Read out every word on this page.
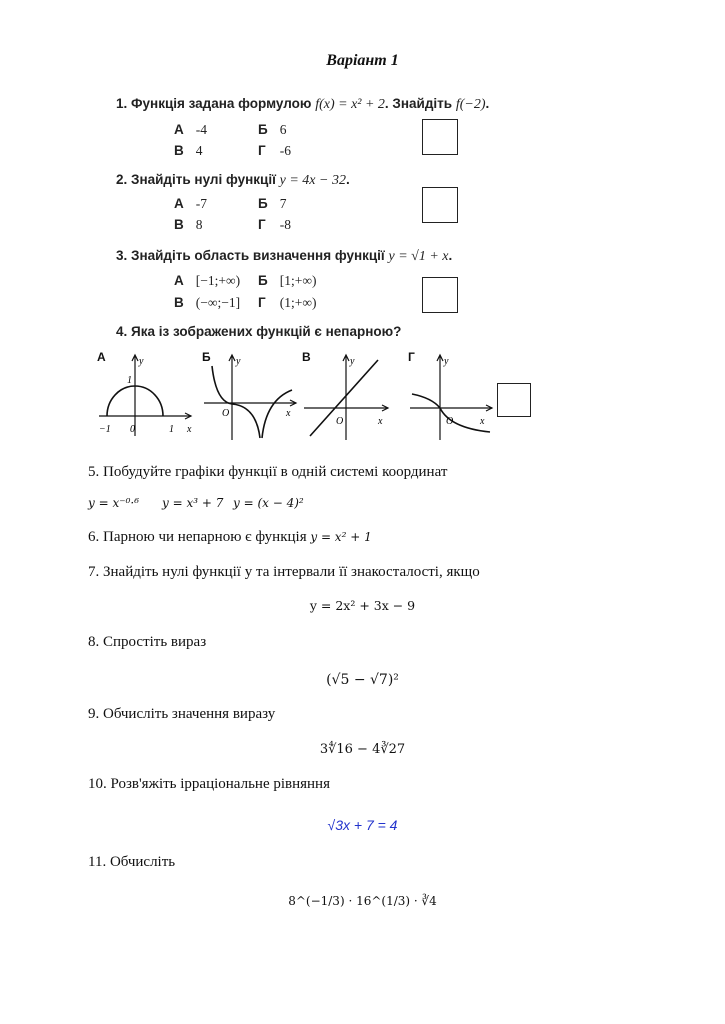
Варіант 1
1. Функція задана формулою f(x) = x² + 2. Знайдіть f(−2).
А -4	Б 6
В 4	Г -6
2. Знайдіть нулі функції y = 4x − 32.
А -7	Б 7
В 8	Г -8
3. Знайдіть область визначення функції y = √1 + x.
А [−1;+∞) Б [1;+∞)
В (−∞;−1] Г (1;+∞)
4. Яка із зображених функцій є непарною?
А	y
1
−1 0	1 x
Б	y
O	x
В	y
O	x
Г	y
O	x
5. Побудуйте графіки функції в одній системі координат
y = x⁻⁰·⁶ y = x³ + 7 y = (x − 4)²
6. Парною чи непарною є функція y = x² + 1
7. Знайдіть нулі функції у та інтервали її знакосталості, якщо
y = 2x² + 3x − 9
8. Спростіть вираз
(√5 − √7)²
9. Обчисліть значення виразу
3∜16 − 4∛27
10. Розв'яжіть ірраціональне рівняння
√3x + 7 = 4
11. Обчисліть
8^(−1/3) · 16^(1/3) · ∛4
